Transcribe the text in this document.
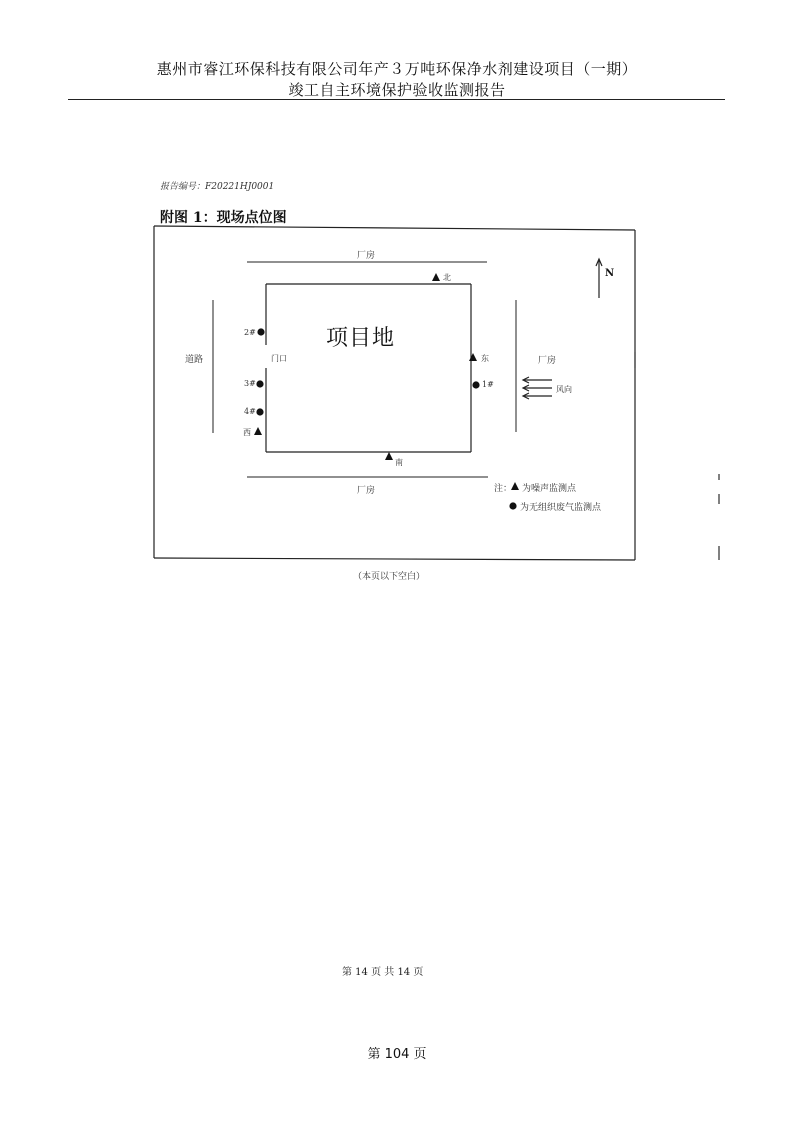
惠州市睿江环保科技有限公司年产３万吨环保净水剂建设项目（一期）
竣工自主环境保护验收监测报告
报告编号：F20221HJ0001
附图 1：现场点位图
项目地
N
厂房
厂房
厂房
道路	门口
风向
北
东
南
西
1#
2#
3#
4#
注： 为噪声监测点
为无组织废气监测点
（本页以下空白）
第 14 页 共 14 页
第 104 页
